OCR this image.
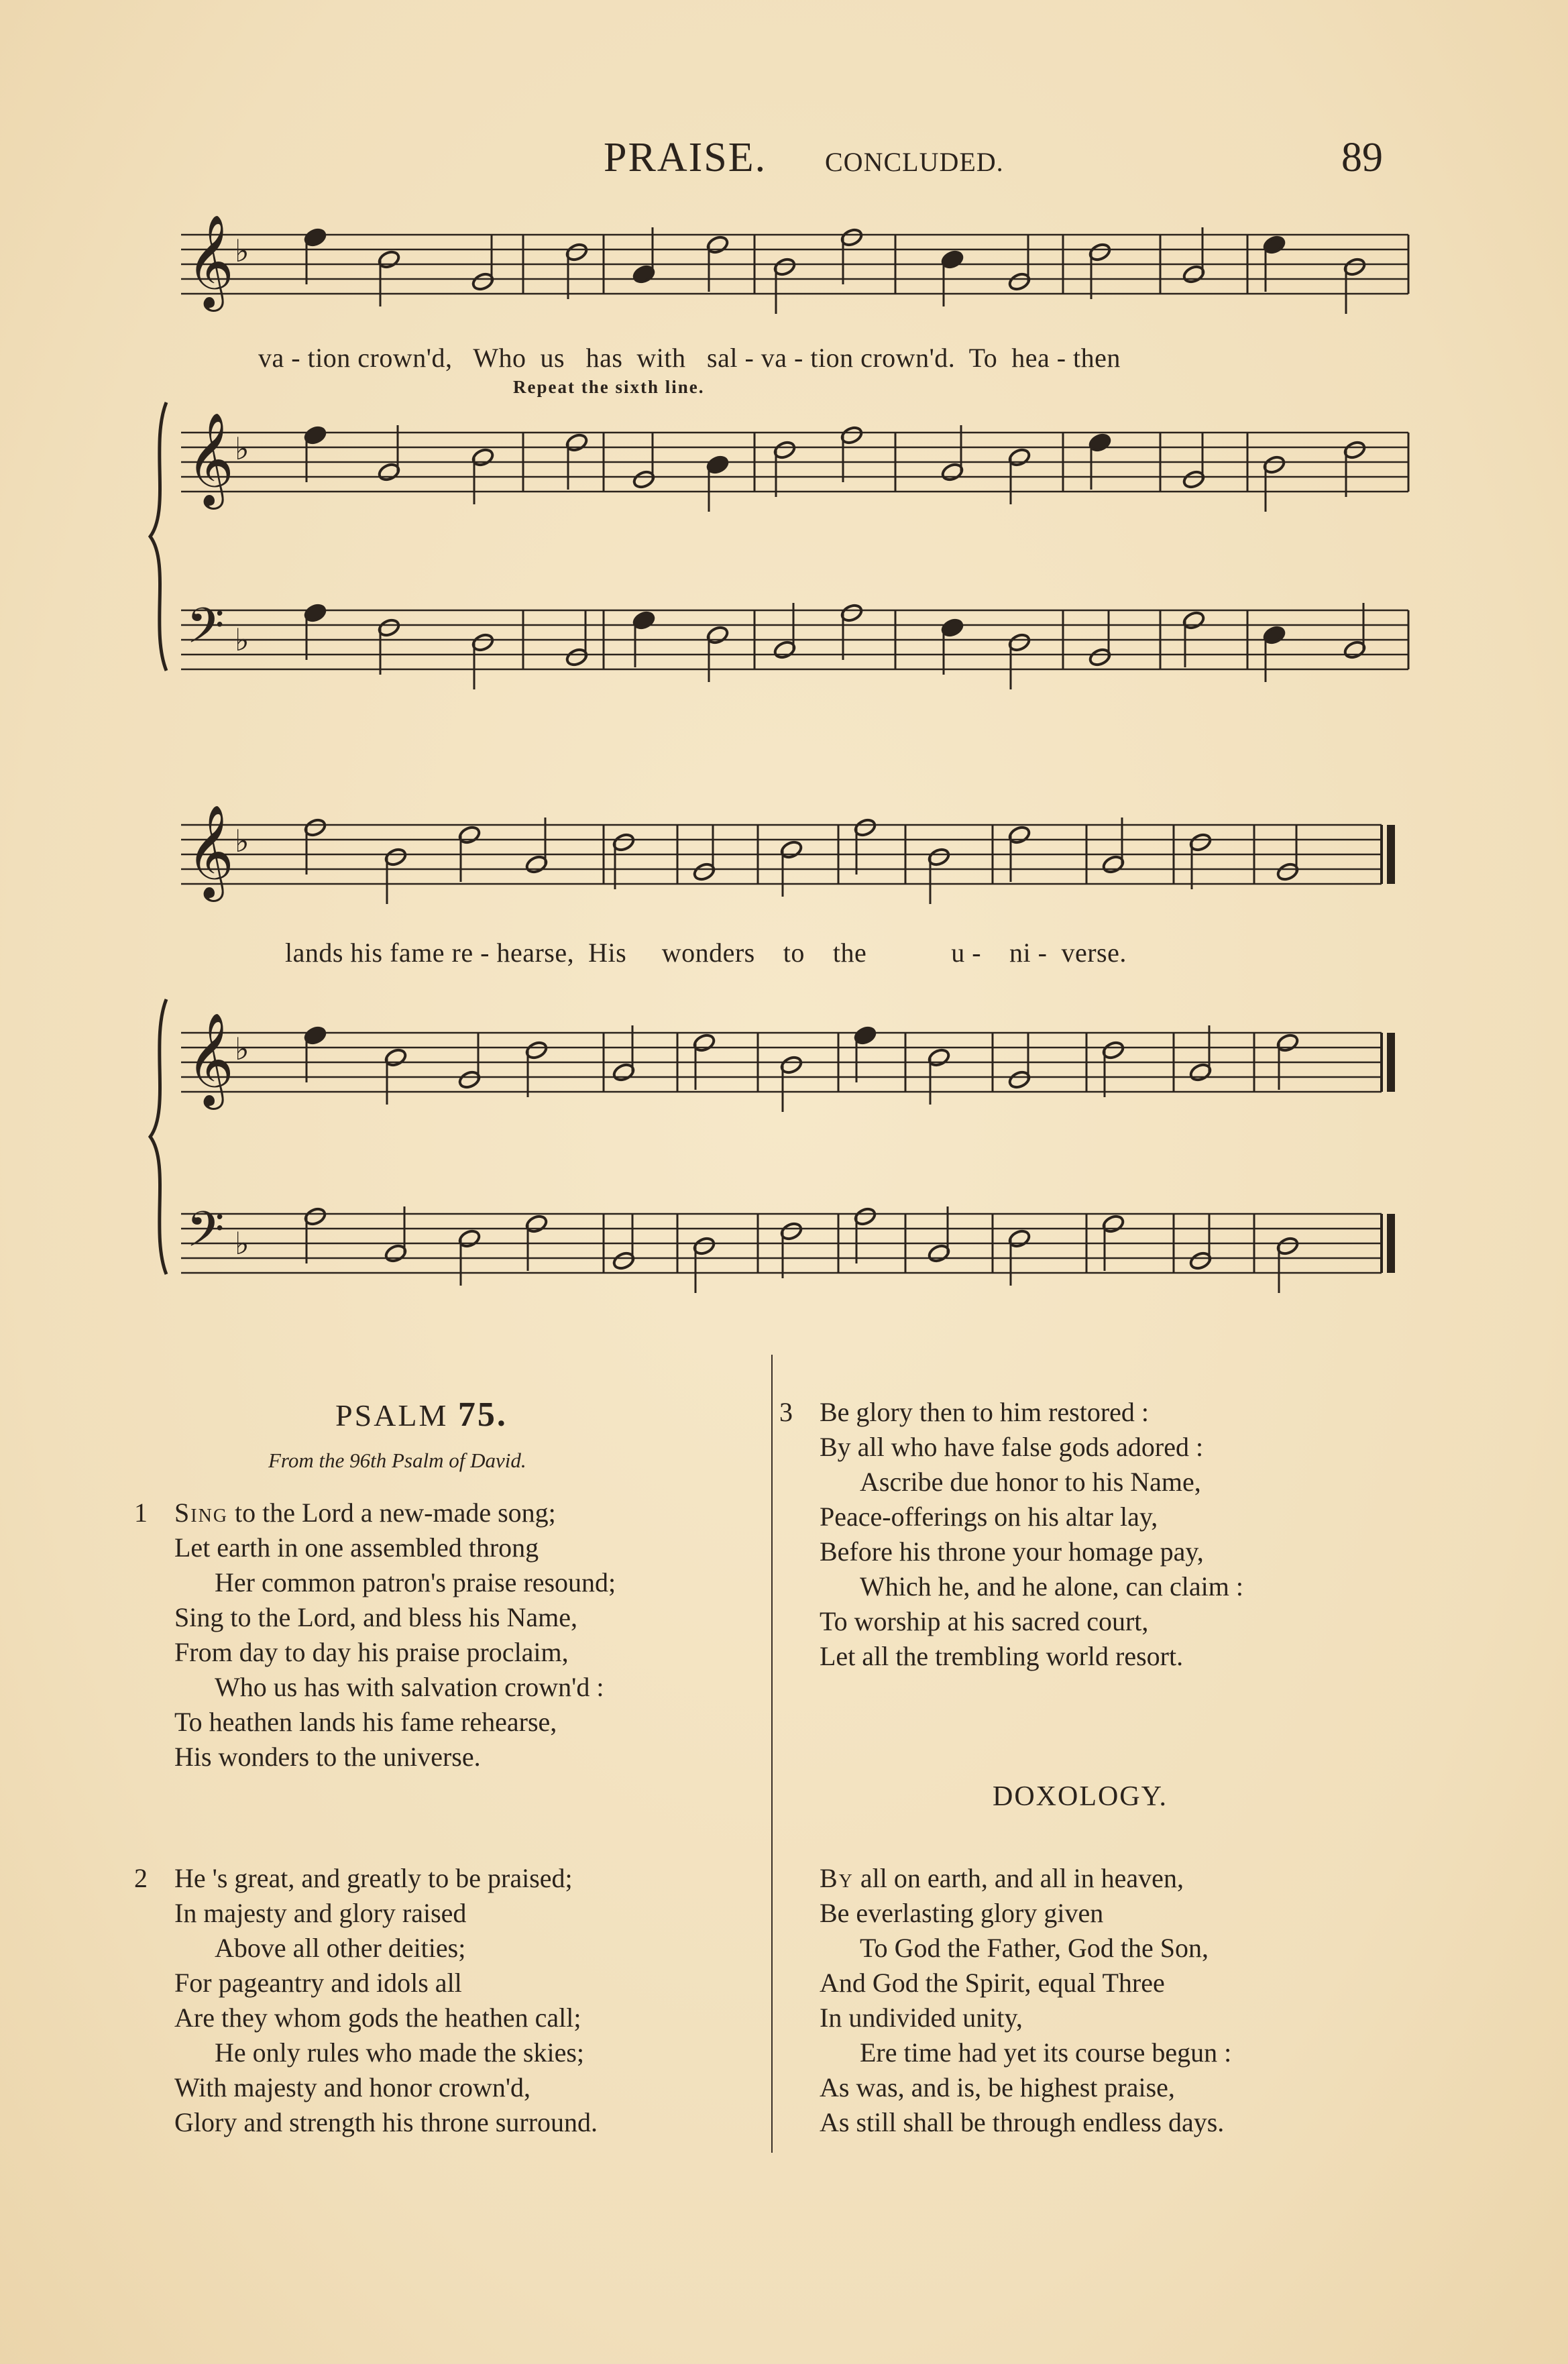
PRAISE. CONCLUDED.	89
𝄞 ♭
𝄞 ♭
𝄢 ♭
va - tion crown'd, Who us has with sal - va - tion crown'd. To hea - then
Repeat the sixth line.
𝄞 ♭
𝄞 ♭
𝄢 ♭
lands his fame re - hearse, His wonders to the	u - ni - verse.
PSALM 75.
From the 96th Psalm of David.
1 Sing to the Lord a new-made song;
Let earth in one assembled throng
Her common patron's praise resound;
Sing to the Lord, and bless his Name,
From day to day his praise proclaim,
Who us has with salvation crown'd :
To heathen lands his fame rehearse,
His wonders to the universe.
2 He 's great, and greatly to be praised;
In majesty and glory raised
Above all other deities;
For pageantry and idols all
Are they whom gods the heathen call;
He only rules who made the skies;
With majesty and honor crown'd,
Glory and strength his throne surround.
3 Be glory then to him restored :
By all who have false gods adored :
Ascribe due honor to his Name,
Peace-offerings on his altar lay,
Before his throne your homage pay,
Which he, and he alone, can claim :
To worship at his sacred court,
Let all the trembling world resort.
DOXOLOGY.
By all on earth, and all in heaven,
Be everlasting glory given
To God the Father, God the Son,
And God the Spirit, equal Three
In undivided unity,
Ere time had yet its course begun :
As was, and is, be highest praise,
As still shall be through endless days.
